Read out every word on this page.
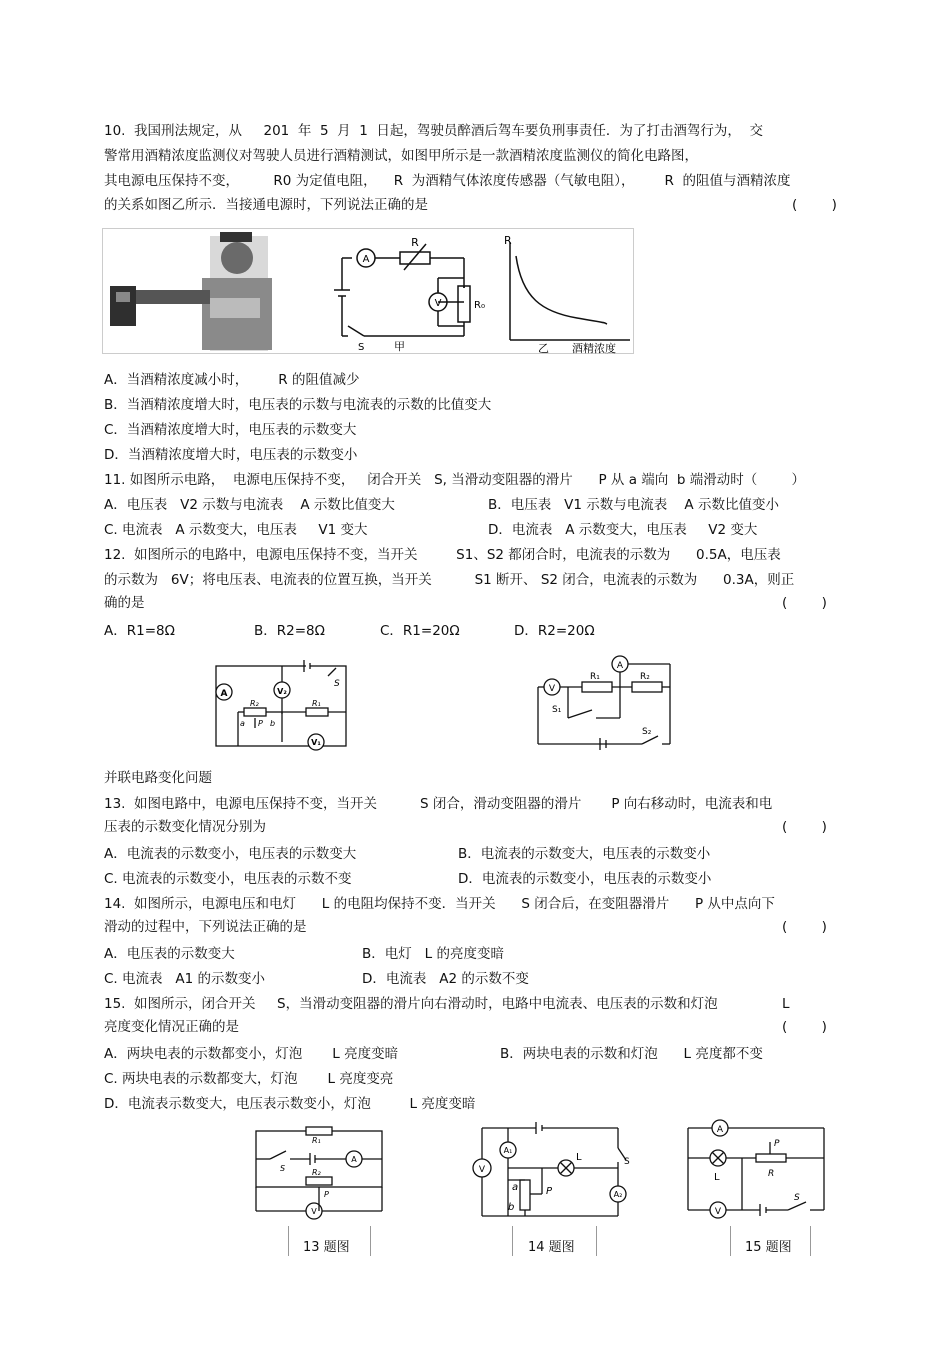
10.  我国刑法规定，从     201  年  5  月  1  日起，驾驶员醉酒后驾车要负刑事责任．为了打击酒驾行为，  交
警常用酒精浓度监测仪对驾驶人员进行酒精测试，如图甲所示是一款酒精浓度监测仪的简化电路图，
其电源电压保持不变，        R0 为定值电阻，    R  为酒精气体浓度传感器（气敏电阻），       R  的阻值与酒精浓度
的关系如图乙所示．当接通电源时，下列说法正确的是	(        )
A
R
V	R₀
S	甲
R
乙 酒精浓度
A．当酒精浓度减小时，       R 的阻值减少
B．当酒精浓度增大时，电压表的示数与电流表的示数的比值变大
C．当酒精浓度增大时，电压表的示数变大
D．当酒精浓度增大时，电压表的示数变小
11. 如图所示电路，  电源电压保持不变，   闭合开关   S, 当滑动变阻器的滑片      P 从 a 端向  b 端滑动时（        ）
A．电压表   V2 示数与电流表    A 示数比值变大	B．电压表   V1 示数与电流表    A 示数比值变小
C. 电流表   A 示数变大，电压表     V1 变大	D．电流表   A 示数变大，电压表     V2 变大
12.  如图所示的电路中，电源电压保持不变，当开关         S1、S2 都闭合时，电流表的示数为      0.5A，电压表
的示数为   6V；将电压表、电流表的位置互换，当开关          S1 断开、 S2 闭合，电流表的示数为      0.3A，则正
确的是	(        )
A．R1=8Ω	B．R2=8Ω	C．R1=20Ω	D．R2=20Ω
A	V₂
S
R₂
a P b
R₁
V₁
A
V
R₁	R₂
S₁
S₂
并联电路变化问题
13.  如图电路中，电源电压保持不变，当开关          S 闭合，滑动变阻器的滑片       P 向右移动时，电流表和电
压表的示数变化情况分别为	(        )
A．电流表的示数变小，电压表的示数变大	B．电流表的示数变大，电压表的示数变小
C. 电流表的示数变小，电压表的示数不变	D．电流表的示数变小，电压表的示数变小
14.  如图所示，电源电压和电灯      L 的电阻均保持不变．当开关      S 闭合后，在变阻器滑片      P 从中点向下
滑动的过程中，下列说法正确的是	(        )
A．电压表的示数变大	B．电灯   L 的亮度变暗
C. 电流表   A1 的示数变小	D．电流表   A2 的示数不变
15.  如图所示，闭合开关     S，当滑动变阻器的滑片向右滑动时，电路中电流表、电压表的示数和灯泡               L
亮度变化情况正确的是	(        )
A．两块电表的示数都变小，灯泡       L 亮度变暗	B．两块电表的示数和灯泡      L 亮度都不变
C. 两块电表的示数都变大，灯泡       L 亮度变亮
D．电流表示数变大，电压表示数变小，灯泡         L 亮度变暗
R₁
S
A
R₂
P
V
A₁
V
L	S
a
b
P	A₂
A
P
L	R
V
S
13 题图	14 题图	15 题图
